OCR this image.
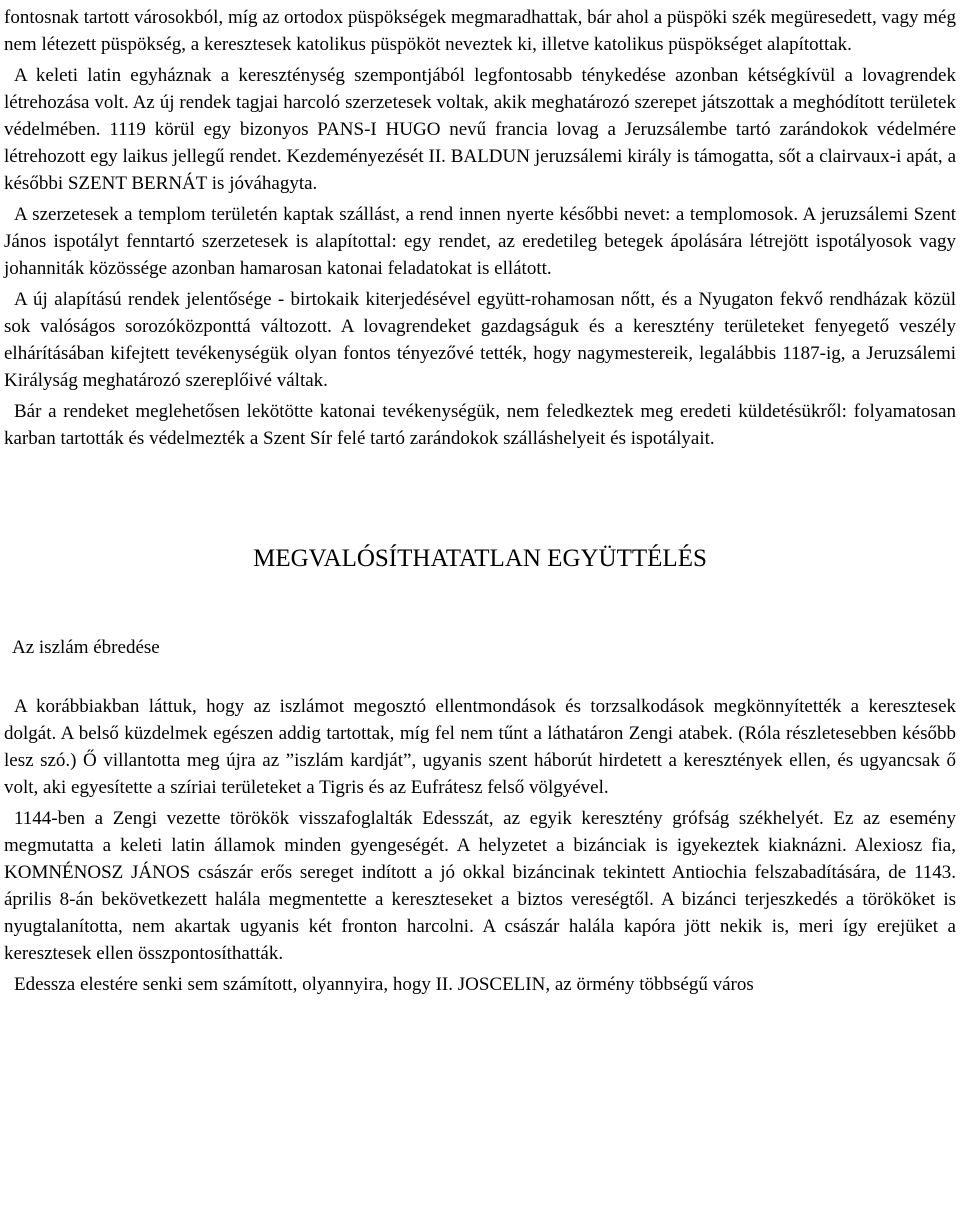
fontosnak tartott városokból, míg az ortodox püspökségek megmaradhattak, bár ahol a püspöki szék megüresedett, vagy még nem létezett püspökség, a keresztesek katolikus püspököt neveztek ki, illetve katolikus püspökséget alapítottak.

A keleti latin egyháznak a kereszténység szempontjából legfontosabb ténykedése azonban kétségkívül a lovagrendek létrehozása volt. Az új rendek tagjai harcoló szerzetesek voltak, akik meghatározó szerepet játszottak a meghódított területek védelmében. 1119 körül egy bizonyos PANS-I HUGO nevű francia lovag a Jeruzsálembe tartó zarándokok védelmére létrehozott egy laikus jellegű rendet. Kezdeményezését II. BALDUN jeruzsálemi király is támogatta, sőt a clairvaux-i apát, a későbbi SZENT BERNÁT is jóváhagyta.

A szerzetesek a templom területén kaptak szállást, a rend innen nyerte későbbi nevet: a templomosok. A jeruzsálemi Szent János ispotályt fenntartó szerzetesek is alapítottal: egy rendet, az eredetileg betegek ápolására létrejött ispotályosok vagy johanniták közössége azonban hamarosan katonai feladatokat is ellátott.

A új alapítású rendek jelentősége - birtokaik kiterjedésével együtt-rohamosan nőtt, és a Nyugaton fekvő rendházak közül sok valóságos sorozóközponttá változott. A lovagrendeket gazdagságuk és a keresztény területeket fenyegető veszély elhárításában kifejtett tevékenységük olyan fontos tényezővé tették, hogy nagymestereik, legalábbis 1187-ig, a Jeruzsálemi Királyság meghatározó szereplőivé váltak.

Bár a rendeket meglehetősen lekötötte katonai tevékenységük, nem feledkeztek meg eredeti küldetésükről: folyamatosan karban tartották és védelmezték a Szent Sír felé tartó zarándokok szálláshelyeit és ispotályait.

MEGVALÓSÍTHATATLAN EGYÜTTÉLÉS
Az iszlám ébredése

A korábbiakban láttuk, hogy az iszlámot megosztó ellentmondások és torzsalkodások megkönnyítették a keresztesek dolgát. A belső küzdelmek egészen addig tartottak, míg fel nem tűnt a láthatáron Zengi atabek. (Róla részletesebben később lesz szó.) Ő villantotta meg újra az ”iszlám kardját”, ugyanis szent háborút hirdetett a keresztények ellen, és ugyancsak ő volt, aki egyesítette a szíriai területeket a Tigris és az Eufrátesz felső völgyével.

1144-ben a Zengi vezette törökök visszafoglalták Edesszát, az egyik keresztény grófság székhelyét. Ez az esemény megmutatta a keleti latin államok minden gyengeségét. A helyzetet a bizánciak is igyekeztek kiaknázni. Alexiosz fia, KOMNÉNOSZ JÁNOS császár erős sereget indított a jó okkal bizáncinak tekintett Antiochia felszabadítására, de 1143. április 8-án bekövetkezett halála megmentette a kereszteseket a biztos vereségtől. A bizánci terjeszkedés a törököket is nyugtalanította, nem akartak ugyanis két fronton harcolni. A császár halála kapóra jött nekik is, meri így erejüket a keresztesek ellen összpontosíthatták.

Edessza elestére senki sem számított, olyannyira, hogy II. JOSCELIN, az örmény többségű város
